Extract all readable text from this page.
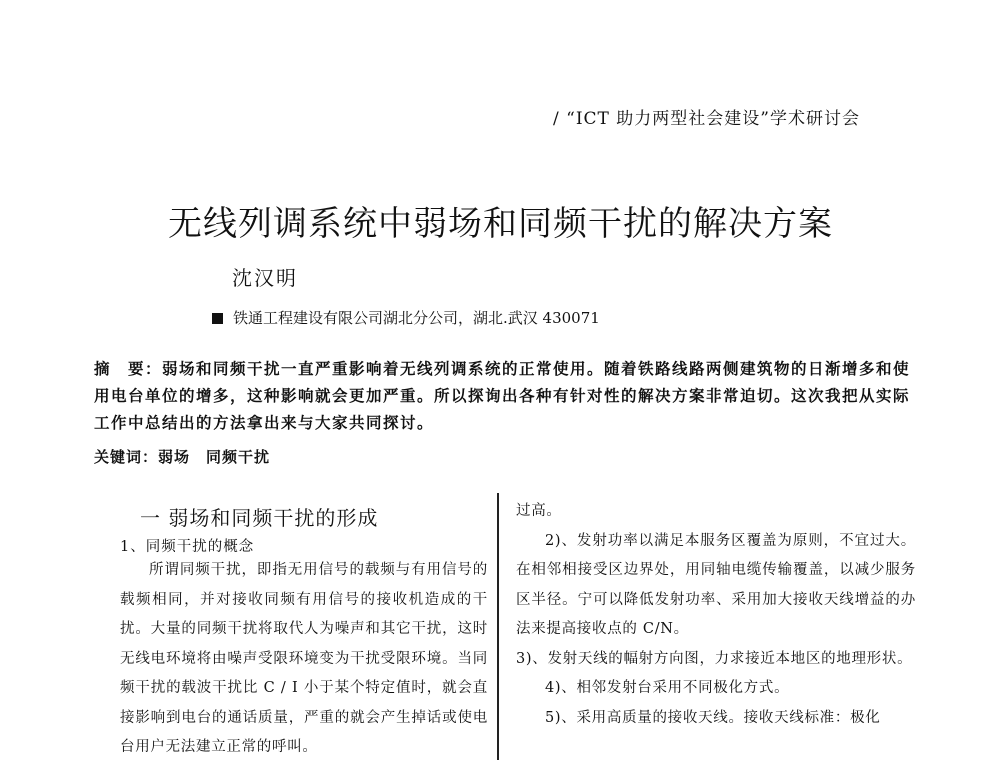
/ “ICT 助力两型社会建设”学术研讨会
无线列调系统中弱场和同频干扰的解决方案
沈汉明
铁通工程建设有限公司湖北分公司，湖北.武汉 430071
摘　要：弱场和同频干扰一直严重影响着无线列调系统的正常使用。随着铁路线路两侧建筑物的日渐增多和使用电台单位的增多，这种影响就会更加严重。所以探询出各种有针对性的解决方案非常迫切。这次我把从实际工作中总结出的方法拿出来与大家共同探讨。
关键词：弱场　同频干扰
一 弱场和同频干扰的形成
1、同频干扰的概念

所谓同频干扰，即指无用信号的载频与有用信号的载频相同，并对接收同频有用信号的接收机造成的干扰。大量的同频干扰将取代人为噪声和其它干扰，这时无线电环境将由噪声受限环境变为干扰受限环境。当同频干扰的载波干扰比 C / I 小于某个特定值时，就会直接影响到电台的通话质量，严重的就会产生掉话或使电台用户无法建立正常的呼叫。

过高。

2)、发射功率以满足本服务区覆盖为原则，不宜过大。在相邻相接受区边界处，用同轴电缆传输覆盖，以减少服务区半径。宁可以降低发射功率、采用加大接收天线增益的办法来提高接收点的 C/N。

3)、发射天线的幅射方向图，力求接近本地区的地理形状。

4)、相邻发射台采用不同极化方式。

5)、采用高质量的接收天线。接收天线标准：极化
